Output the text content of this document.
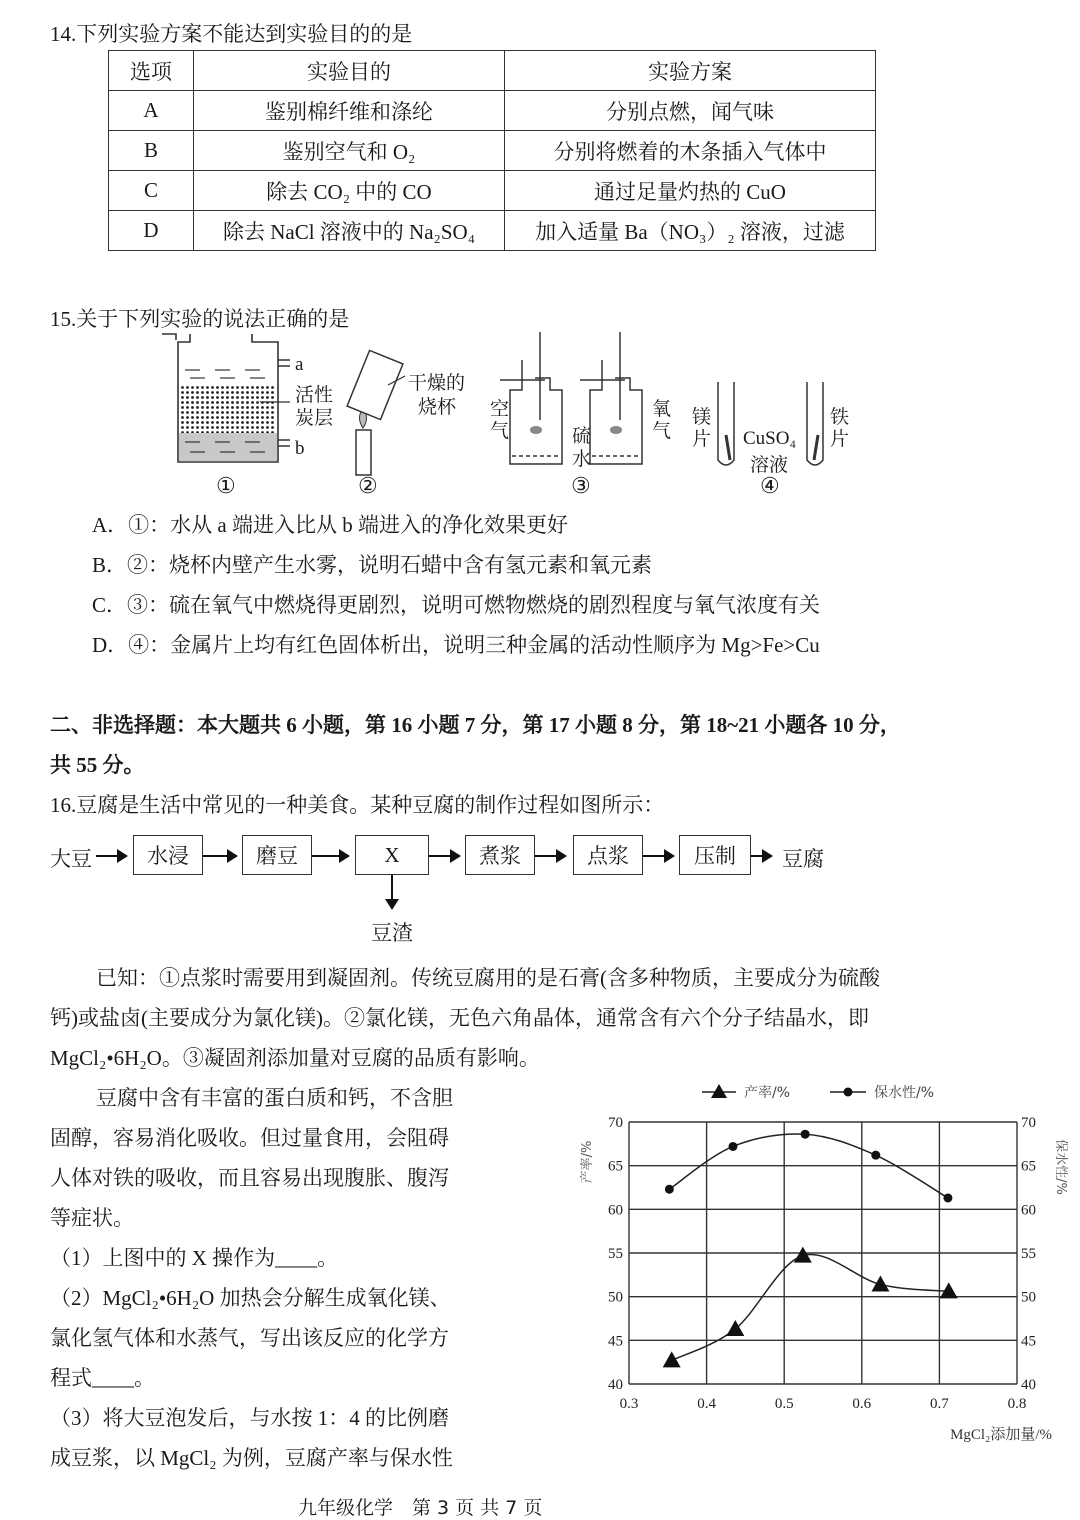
14.下列实验方案不能达到实验目的的是
选项	实验目的	实验方案
A	鉴别棉纤维和涤纶	分别点燃，闻气味
B	鉴别空气和 O₂	分别将燃着的木条插入气体中
C	除去 CO₂ 中的 CO	通过足量灼热的 CuO
D	除去 NaCl 溶液中的 Na₂SO₄	加入适量 Ba（NO₃）₂ 溶液，过滤
15.关于下列实验的说法正确的是
a
b
活性
炭层
干燥的
烧杯 空
气	硫
水
氧
气
镁
片 CuSO₄
溶液
铁
片
①	②	③	④
A．①：水从 a 端进入比从 b 端进入的净化效果更好
B．②：烧杯内壁产生水雾，说明石蜡中含有氢元素和氧元素
C．③：硫在氧气中燃烧得更剧烈，说明可燃物燃烧的剧烈程度与氧气浓度有关
D．④：金属片上均有红色固体析出，说明三种金属的活动性顺序为 Mg>Fe>Cu
二、非选择题：本大题共 6 小题，第 16 小题 7 分，第 17 小题 8 分，第 18~21 小题各 10 分，
共 55 分。
16.豆腐是生活中常见的一种美食。某种豆腐的制作过程如图所示：
大豆	水浸	磨豆	X	煮浆	点浆	压制	豆腐
豆渣
已知：①点浆时需要用到凝固剂。传统豆腐用的是石膏(含多种物质，主要成分为硫酸
钙)或盐卤(主要成分为氯化镁)。②氯化镁，无色六角晶体，通常含有六个分子结晶水，即
MgCl₂•6H₂O。③凝固剂添加量对豆腐的品质有影响。
豆腐中含有丰富的蛋白质和钙，不含胆
固醇，容易消化吸收。但过量食用，会阻碍
人体对铁的吸收，而且容易出现腹胀、腹泻
等症状。
（1）上图中的 X 操作为____。
（2）MgCl₂•6H₂O 加热会分解生成氧化镁、
氯化氢气体和水蒸气，写出该反应的化学方
程式____。
（3）将大豆泡发后，与水按 1：4 的比例磨
成豆浆，以 MgCl₂ 为例，豆腐产率与保水性
0.3	0.4	0.5	0.6	0.7	0.8
40	40
45	45
50	50
55	55
60	60
65	65
70	70
产率/%	保水性/%
MgCl₂添加量/%
产率/%	保水性/%
九年级化学　第 3 页 共 7 页
